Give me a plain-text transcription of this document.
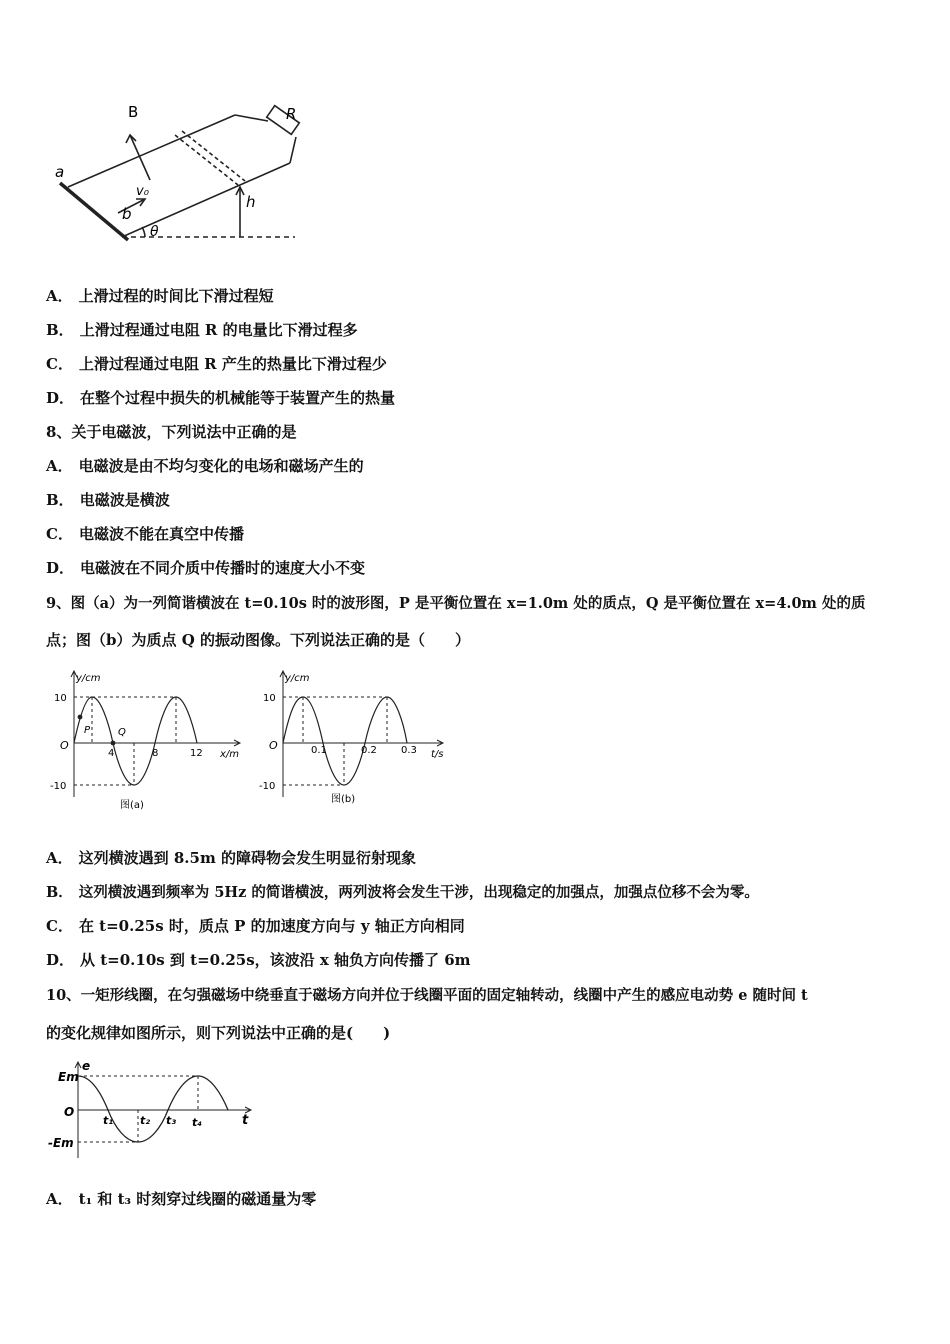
B	R
a
b
v₀
h
θ
A． 上滑过程的时间比下滑过程短
B． 上滑过程通过电阻 R 的电量比下滑过程多
C． 上滑过程通过电阻 R 产生的热量比下滑过程少
D． 在整个过程中损失的机械能等于装置产生的热量
8、关于电磁波，下列说法中正确的是
A． 电磁波是由不均匀变化的电场和磁场产生的
B． 电磁波是横波
C． 电磁波不能在真空中传播
D． 电磁波在不同介质中传播时的速度大小不变
9、图（a）为一列简谐横波在 t=0.10s 时的波形图，P 是平衡位置在 x=1.0m 处的质点，Q 是平衡位置在 x=4.0m 处的质
点；图（b）为质点 Q 的振动图像。下列说法正确的是（　　）
y/cm
x/m
O
10
-10
4	8	12
P	Q
图(a)
y/cm
t/s
O
10
-10
0.1	0.2 0.3
图(b)
A． 这列横波遇到 8.5m 的障碍物会发生明显衍射现象
B． 这列横波遇到频率为 5Hz 的简谐横波，两列波将会发生干涉，出现稳定的加强点，加强点位移不会为零。
C． 在 t=0.25s 时，质点 P 的加速度方向与 y 轴正方向相同
D． 从 t=0.10s 到 t=0.25s，该波沿 x 轴负方向传播了 6m
10、一矩形线圈，在匀强磁场中绕垂直于磁场方向并位于线圈平面的固定轴转动，线圈中产生的感应电动势 e 随时间 t
的变化规律如图所示，则下列说法中正确的是(　　)
e
t
O
Em
-Em
t₁ t₂ t₃ t₄
A． t₁ 和 t₃ 时刻穿过线圈的磁通量为零
